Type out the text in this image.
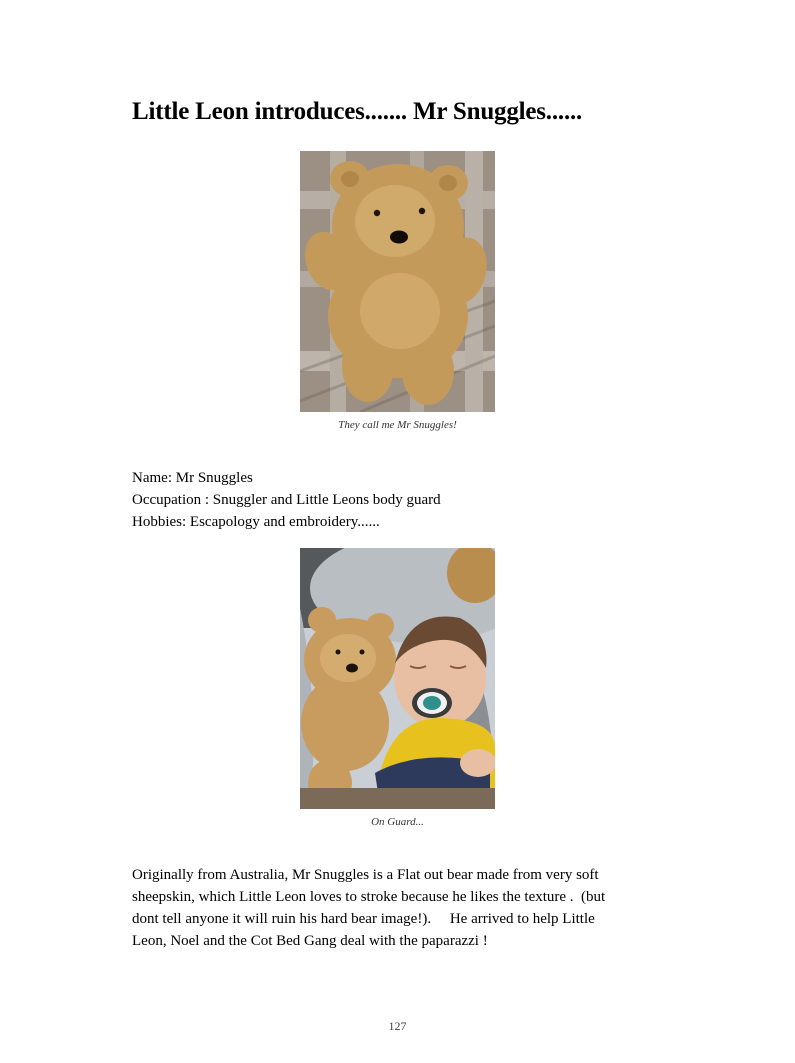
Little Leon introduces....... Mr Snuggles......
They call me Mr Snuggles!
Name: Mr Snuggles
Occupation : Snuggler and Little Leons body guard
Hobbies: Escapology and embroidery......
On Guard...
Originally from Australia, Mr Snuggles is a Flat out bear made from very soft
sheepskin, which Little Leon loves to stroke because he likes the texture .  (but
dont tell anyone it will ruin his hard bear image!).     He arrived to help Little
Leon, Noel and the Cot Bed Gang deal with the paparazzi !
127
